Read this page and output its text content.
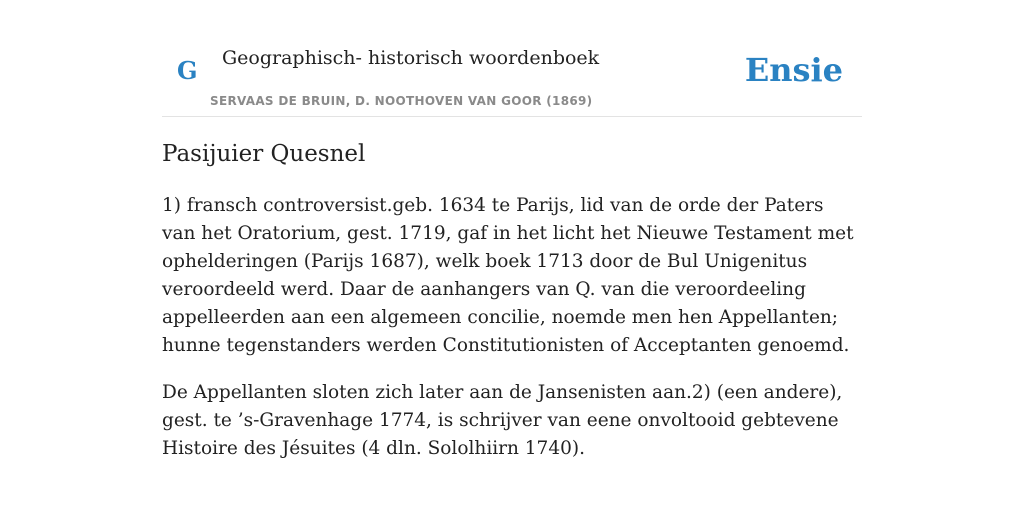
G Geographisch- historisch woordenboek
SERVAAS DE BRUIN, D. NOOTHOVEN VAN GOOR (1869)
Ensie
Pasijuier Quesnel

1) fransch controversist.geb. 1634 te Parijs, lid van de orde der Paters van het Oratorium, gest. 1719, gaf in het licht het Nieuwe Testament met ophelderingen (Parijs 1687), welk boek 1713 door de Bul Unigenitus veroordeeld werd. Daar de aanhangers van Q. van die veroordeeling appelleerden aan een algemeen concilie, noemde men hen Appellanten; hunne tegenstanders werden Constitutionisten of Acceptanten genoemd.

De Appellanten sloten zich later aan de Jansenisten aan.2) (een andere), gest. te ’s-Gravenhage 1774, is schrijver van eene onvoltooid gebtevene Histoire des Jésuites (4 dln. Sololhiirn 1740).
